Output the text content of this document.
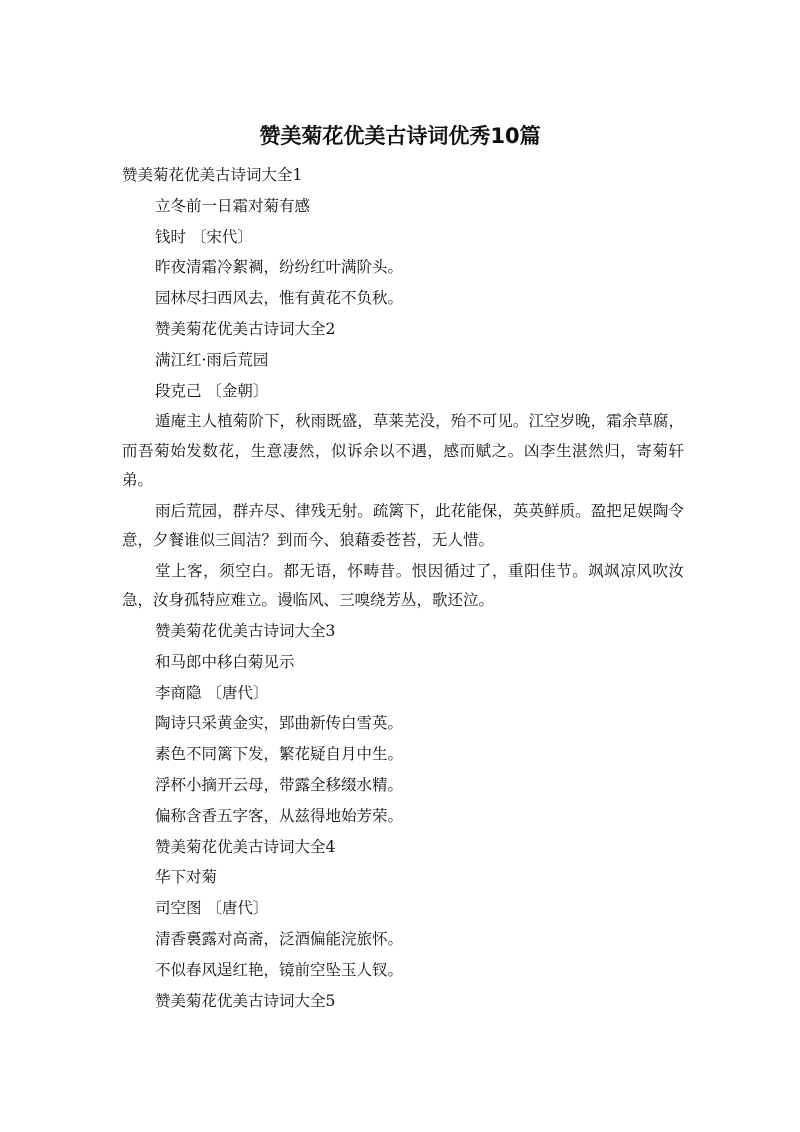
赞美菊花优美古诗词优秀10篇

赞美菊花优美古诗词大全1

立冬前一日霜对菊有感

钱时 〔宋代〕

昨夜清霜冷絮裯，纷纷红叶满阶头。

园林尽扫西风去，惟有黄花不负秋。

赞美菊花优美古诗词大全2

满江红·雨后荒园

段克己 〔金朝〕

遁庵主人植菊阶下，秋雨既盛，草莱芜没，殆不可见。江空岁晚，霜余草腐，而吾菊始发数花，生意凄然，似诉余以不遇，感而赋之。凶李生湛然归，寄菊轩弟。

雨后荒园，群卉尽、律残无射。疏篱下，此花能保，英英鲜质。盈把足娱陶令意，夕餐谁似三闾洁？到而今、狼藉委苍苔，无人惜。

堂上客，须空白。都无语，怀畴昔。恨因循过了，重阳佳节。飒飒凉风吹汝急，汝身孤特应难立。谩临风、三嗅绕芳丛，歌还泣。

赞美菊花优美古诗词大全3

和马郎中移白菊见示

李商隐 〔唐代〕

陶诗只采黄金实，郢曲新传白雪英。

素色不同篱下发，繁花疑自月中生。

浮杯小摘开云母，带露全移缀水精。

偏称含香五字客，从兹得地始芳荣。

赞美菊花优美古诗词大全4

华下对菊

司空图 〔唐代〕

清香裛露对高斋，泛酒偏能浣旅怀。

不似春风逞红艳，镜前空坠玉人钗。

赞美菊花优美古诗词大全5
